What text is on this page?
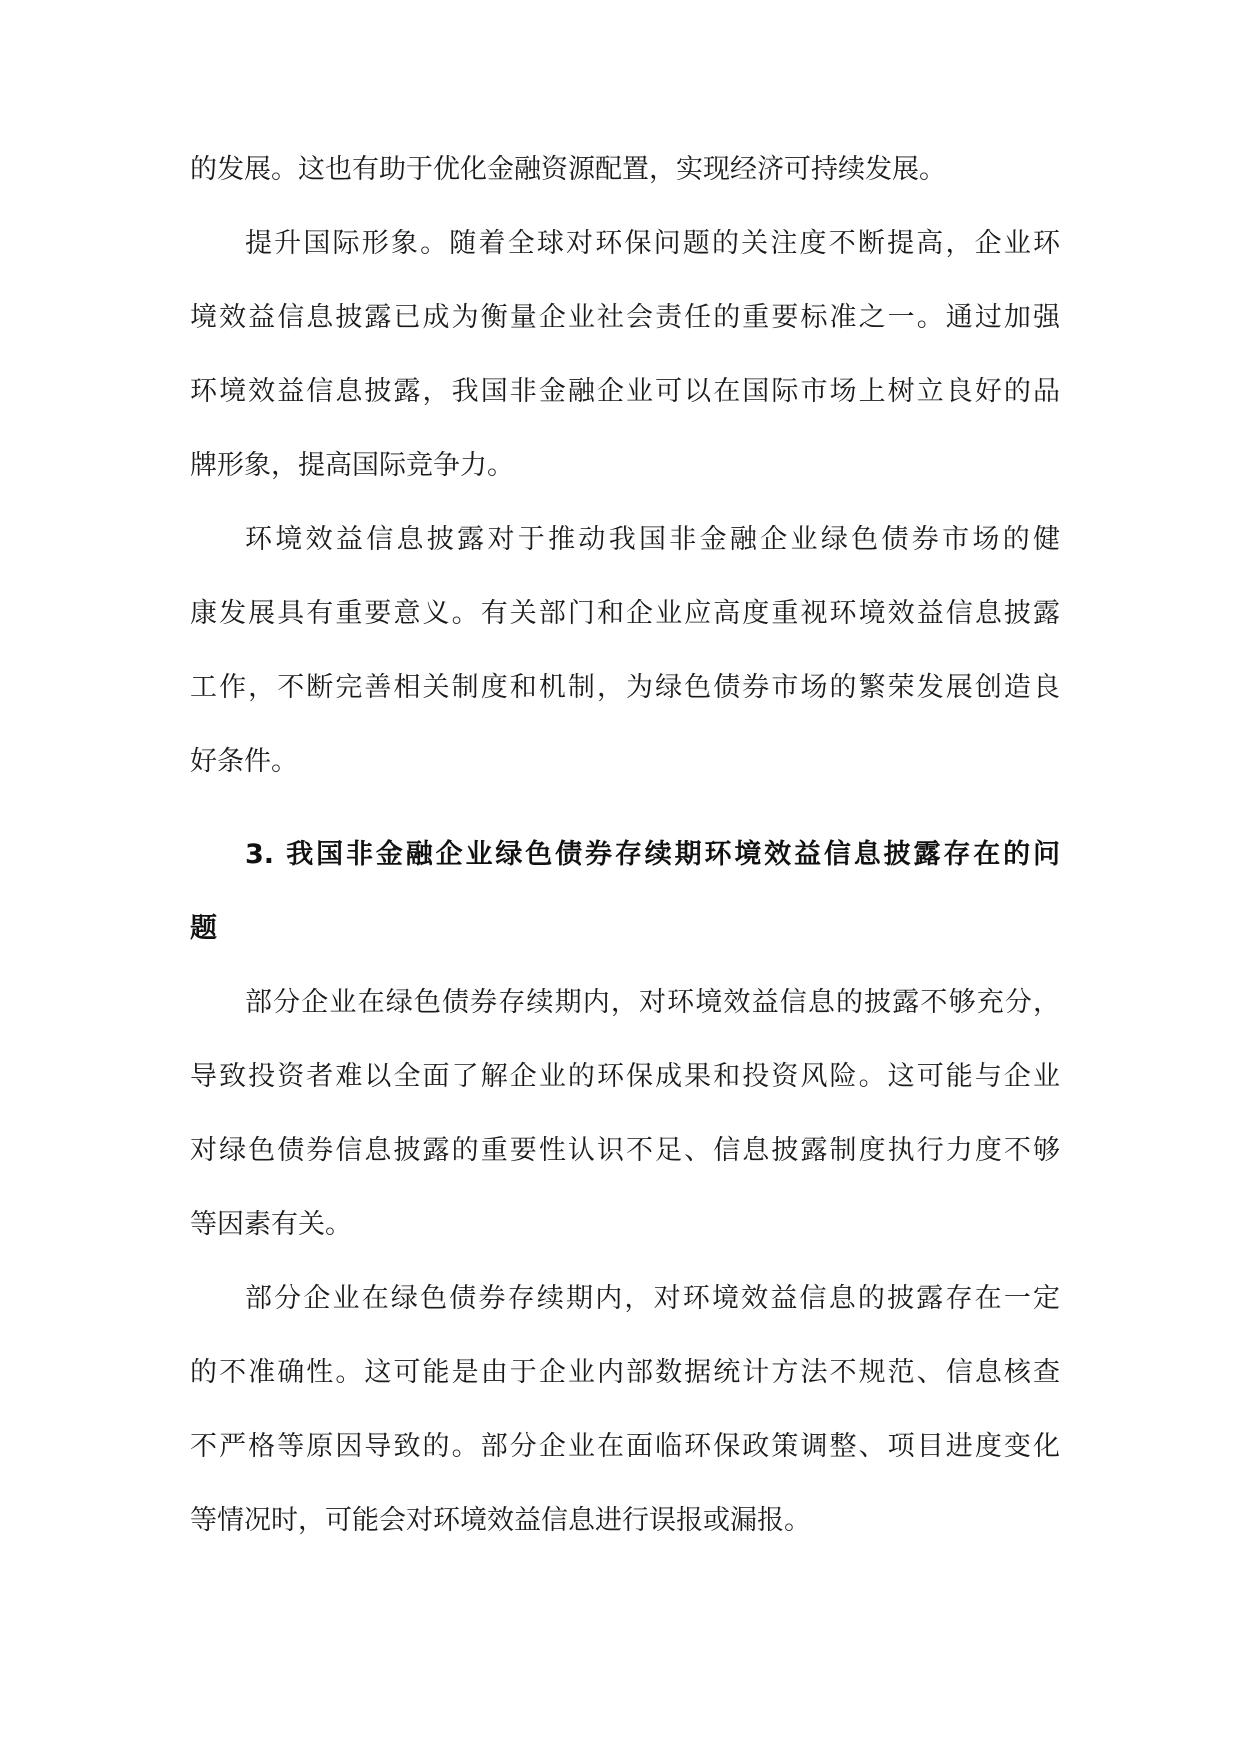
的发展。这也有助于优化金融资源配置，实现经济可持续发展。
提升国际形象。随着全球对环保问题的关注度不断提高，企业环
境效益信息披露已成为衡量企业社会责任的重要标准之一。通过加强
环境效益信息披露，我国非金融企业可以在国际市场上树立良好的品
牌形象，提高国际竞争力。
环境效益信息披露对于推动我国非金融企业绿色债券市场的健
康发展具有重要意义。有关部门和企业应高度重视环境效益信息披露
工作，不断完善相关制度和机制，为绿色债券市场的繁荣发展创造良
好条件。
3. 我国非金融企业绿色债券存续期环境效益信息披露存在的问
题
部分企业在绿色债券存续期内，对环境效益信息的披露不够充分，
导致投资者难以全面了解企业的环保成果和投资风险。这可能与企业
对绿色债券信息披露的重要性认识不足、信息披露制度执行力度不够
等因素有关。
部分企业在绿色债券存续期内，对环境效益信息的披露存在一定
的不准确性。这可能是由于企业内部数据统计方法不规范、信息核查
不严格等原因导致的。部分企业在面临环保政策调整、项目进度变化
等情况时，可能会对环境效益信息进行误报或漏报。
